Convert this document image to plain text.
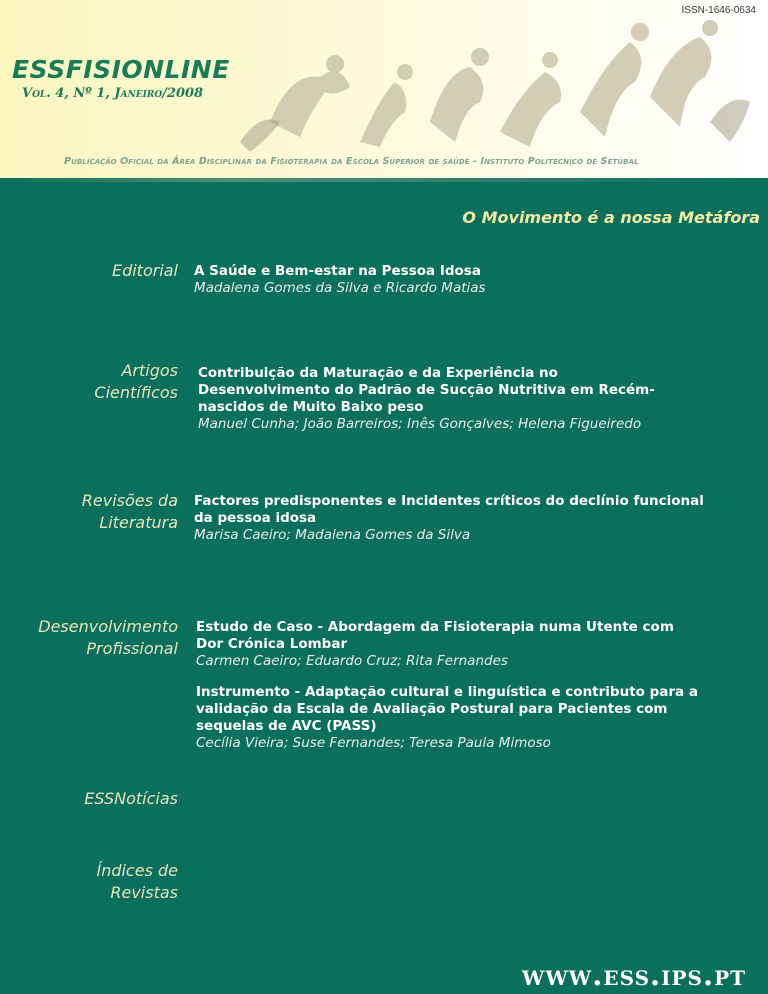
ISSN-1646-0634
ESSFISIONLINE
Vol. 4, Nº 1, Janeiro/2008
Publicação Oficial da Área Disciplinar da Fisioterapia da Escola Superior de saúde - Instituto Politecnico de Setúbal
O Movimento é a nossa Metáfora
Editorial A Saúde e Bem-estar na Pessoa Idosa
Madalena Gomes da Silva e Ricardo Matias
Artigos
Científicos
Contribuição da Maturação e da Experiência no
Desenvolvimento do Padrão de Sucção Nutritiva em Recém-
nascidos de Muito Baixo peso
Manuel Cunha; João Barreiros; Inês Gonçalves; Helena Figueiredo
Revisões da
Literatura
Factores predisponentes e Incidentes críticos do declínio funcional
da pessoa idosa
Marisa Caeiro; Madalena Gomes da Silva
Desenvolvimento
Profissional
Estudo de Caso - Abordagem da Fisioterapia numa Utente com
Dor Crónica Lombar
Carmen Caeiro; Eduardo Cruz; Rita Fernandes
Instrumento - Adaptação cultural e linguística e contributo para a
validação da Escala de Avaliação Postural para Pacientes com
sequelas de AVC (PASS)
Cecília Vieira; Suse Fernandes; Teresa Paula Mimoso
ESSNotícias
Índices de
Revistas
www.ess.ips.pt
